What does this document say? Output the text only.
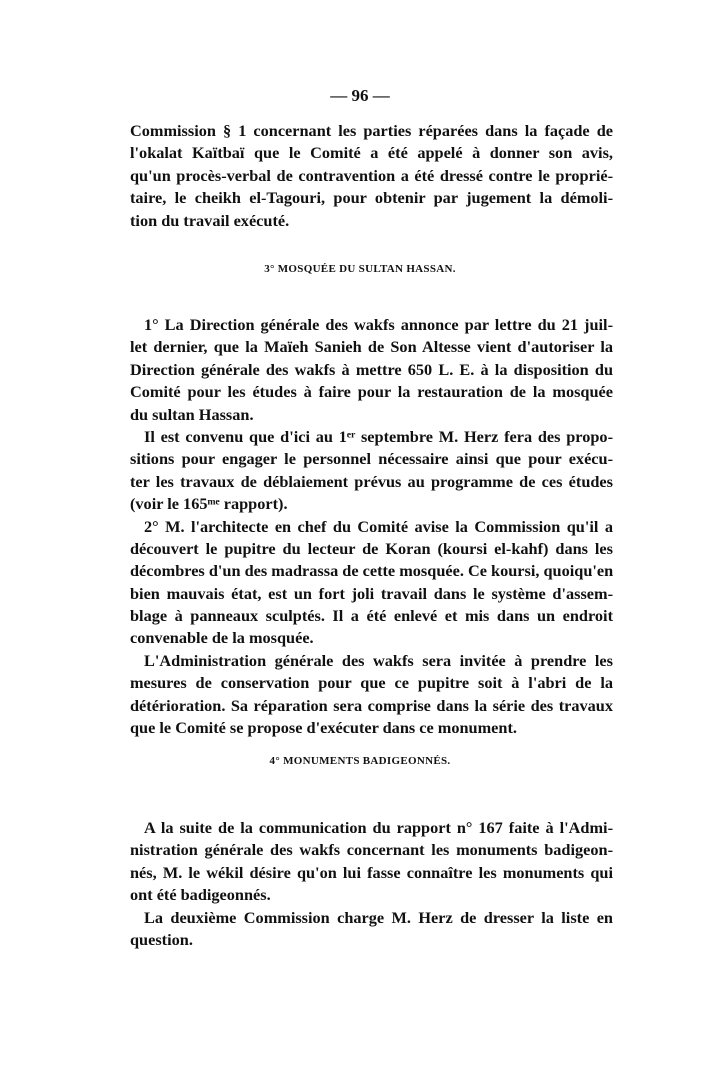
— 96 —
Commission § 1 concernant les parties réparées dans la façade de
l'okalat Kaïtbaï que le Comité a été appelé à donner son avis,
qu'un procès-verbal de contravention a été dressé contre le proprié-
taire, le cheikh el-Tagouri, pour obtenir par jugement la démoli-
tion du travail exécuté.
3° MOSQUÉE DU SULTAN HASSAN.
1° La Direction générale des wakfs annonce par lettre du 21 juil-
let dernier, que la Maïeh Sanieh de Son Altesse vient d'autoriser la
Direction générale des wakfs à mettre 650 L. E. à la disposition du
Comité pour les études à faire pour la restauration de la mosquée
du sultan Hassan.
Il est convenu que d'ici au 1ᵉʳ septembre M. Herz fera des propo-
sitions pour engager le personnel nécessaire ainsi que pour exécu-
ter les travaux de déblaiement prévus au programme de ces études
(voir le 165ᵐᵉ rapport).
2° M. l'architecte en chef du Comité avise la Commission qu'il a
découvert le pupitre du lecteur de Koran (koursi el-kahf) dans les
décombres d'un des madrassa de cette mosquée. Ce koursi, quoiqu'en
bien mauvais état, est un fort joli travail dans le système d'assem-
blage à panneaux sculptés. Il a été enlevé et mis dans un endroit
convenable de la mosquée.
L'Administration générale des wakfs sera invitée à prendre les
mesures de conservation pour que ce pupitre soit à l'abri de la
détérioration. Sa réparation sera comprise dans la série des travaux
que le Comité se propose d'exécuter dans ce monument.
4° MONUMENTS BADIGEONNÉS.
A la suite de la communication du rapport n° 167 faite à l'Admi-
nistration générale des wakfs concernant les monuments badigeon-
nés, M. le wékil désire qu'on lui fasse connaître les monuments qui
ont été badigeonnés.
La deuxième Commission charge M. Herz de dresser la liste en
question.
